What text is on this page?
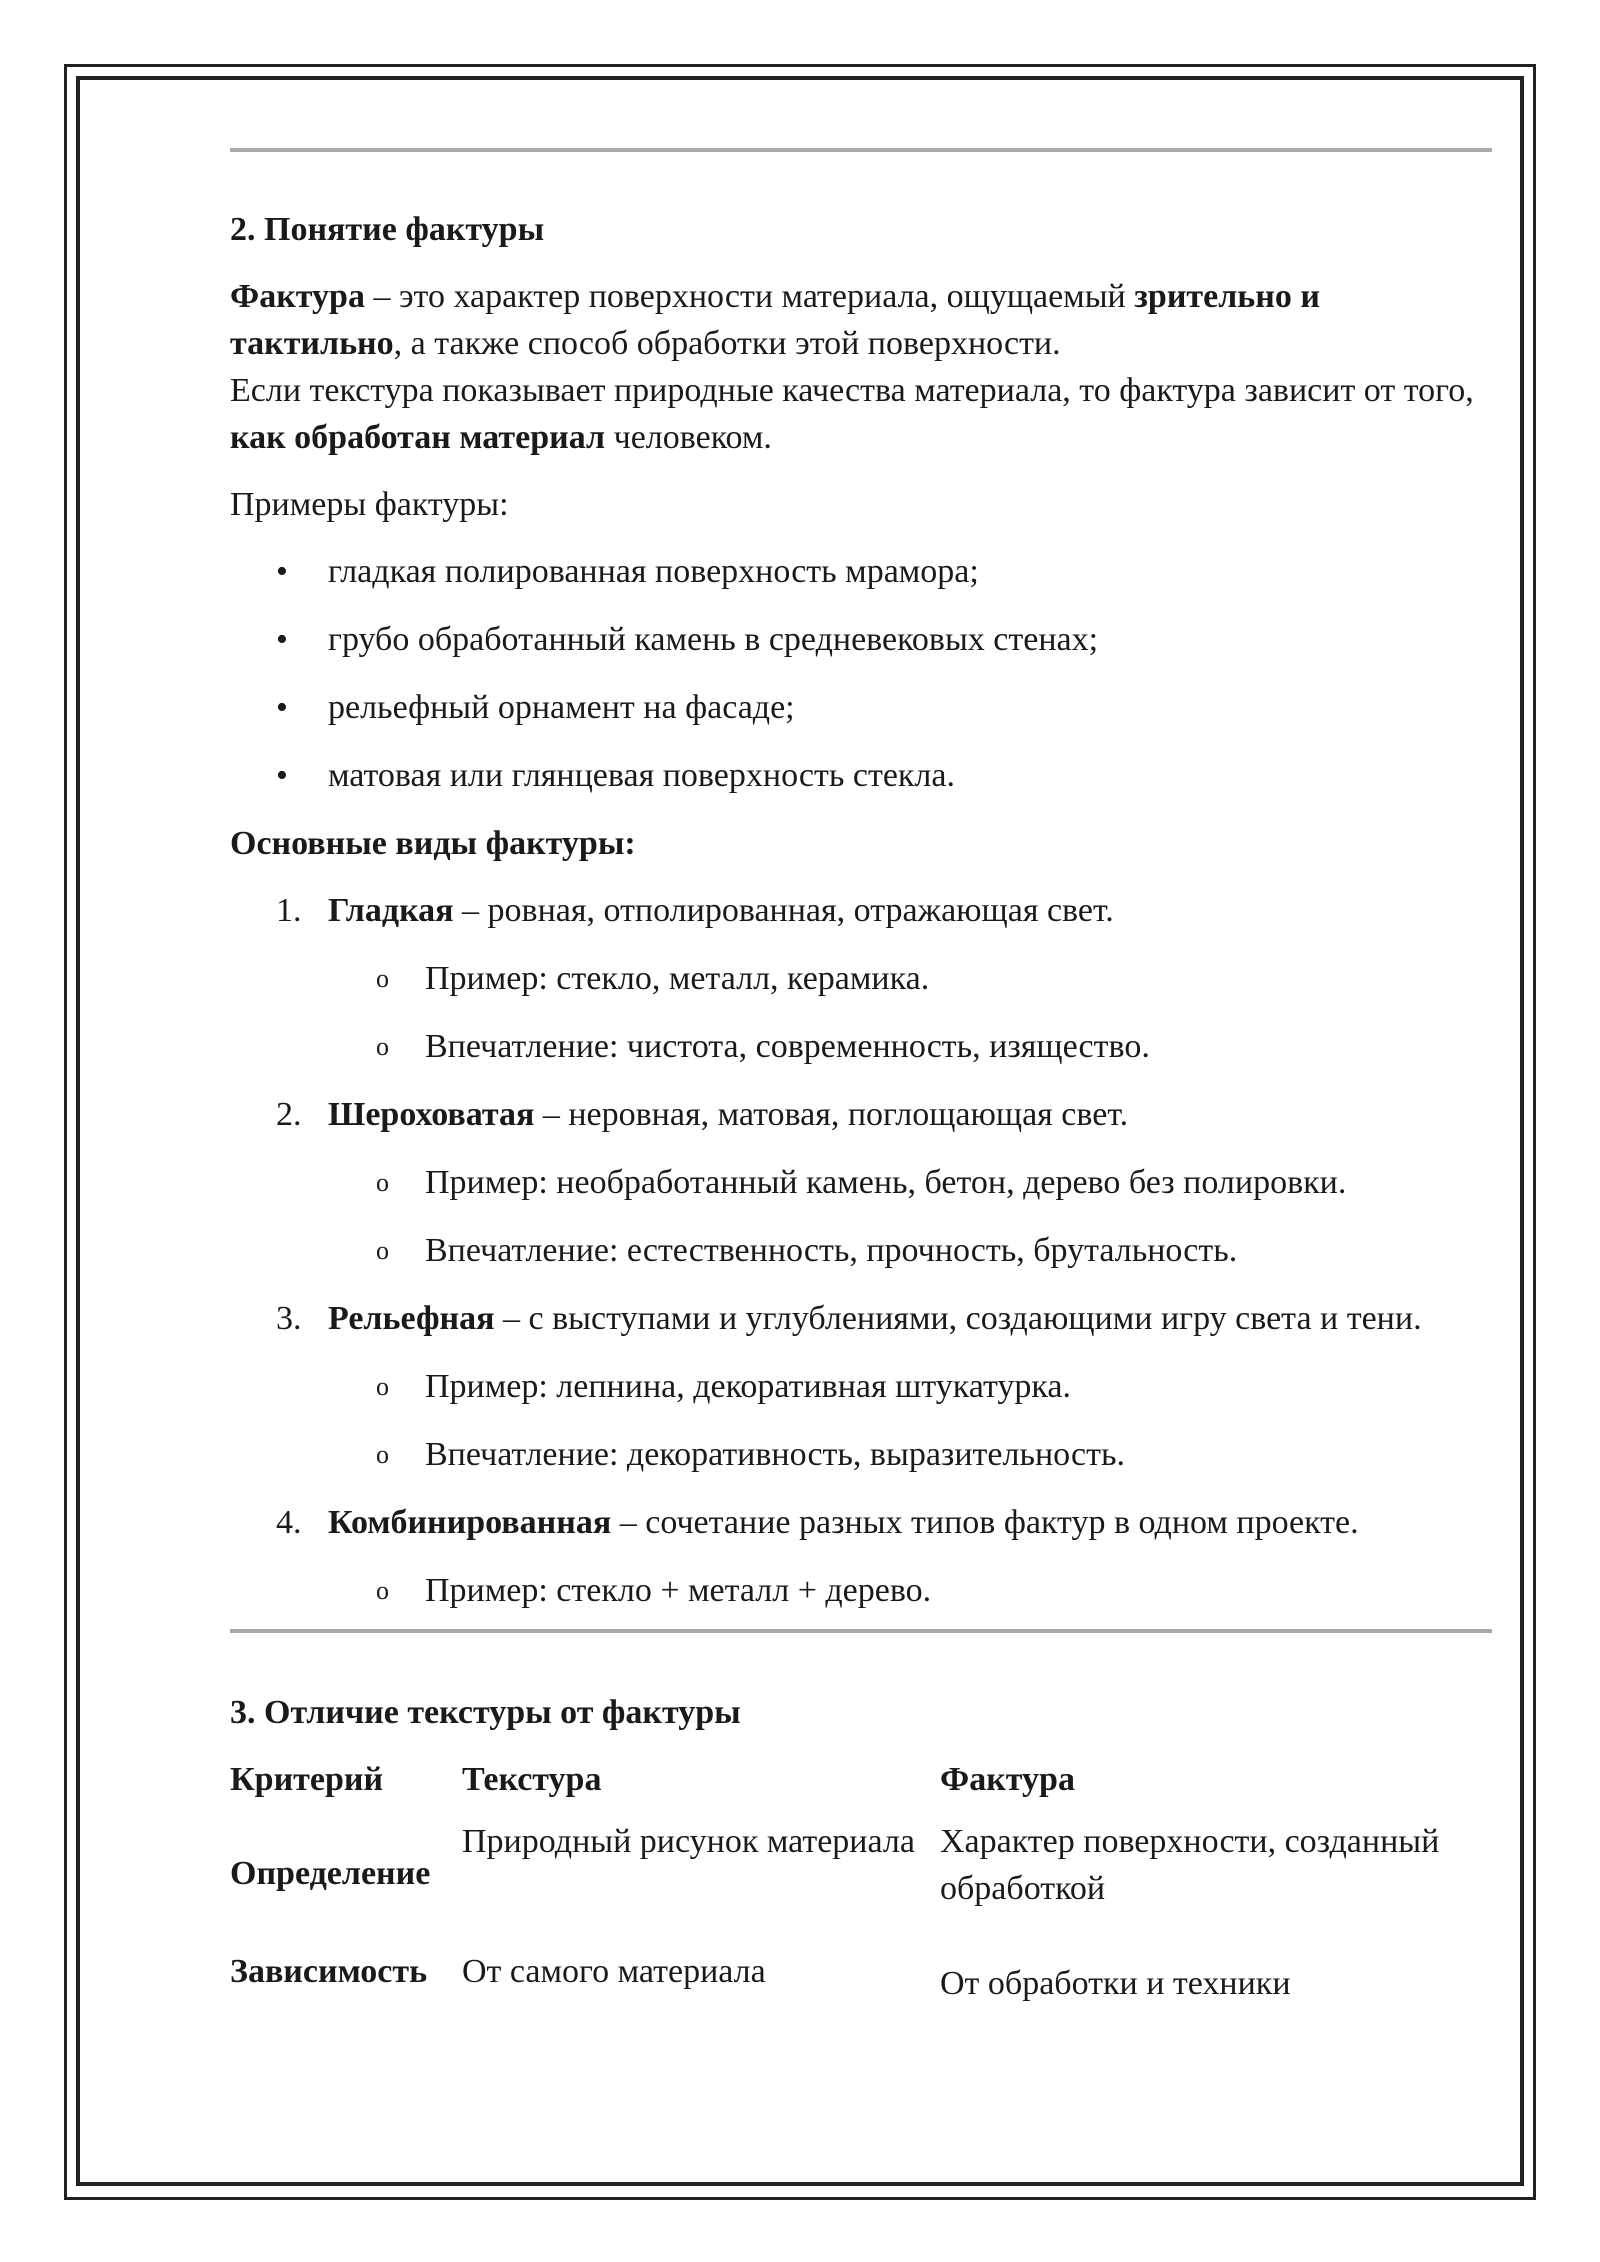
2. Понятие фактуры

Фактура – это характер поверхности материала, ощущаемый зрительно и тактильно, а также способ обработки этой поверхности.
Если текстура показывает природные качества материала, то фактура зависит от того, как обработан материал человеком.

Примеры фактуры:

• гладкая полированная поверхность мрамора;
• грубо обработанный камень в средневековых стенах;
• рельефный орнамент на фасаде;
• матовая или глянцевая поверхность стекла.

Основные виды фактуры:

1. Гладкая – ровная, отполированная, отражающая свет.
o Пример: стекло, металл, керамика.
o Впечатление: чистота, современность, изящество.
2. Шероховатая – неровная, матовая, поглощающая свет.
o Пример: необработанный камень, бетон, дерево без полировки.
o Впечатление: естественность, прочность, брутальность.
3. Рельефная – с выступами и углублениями, создающими игру света и тени.
o Пример: лепнина, декоративная штукатурка.
o Впечатление: декоративность, выразительность.
4. Комбинированная – сочетание разных типов фактур в одном проекте.
o Пример: стекло + металл + дерево.
3. Отличие текстуры от фактуры
Критерий	Текстура	Фактура
Определение	Природный рисунок материала	Характер поверхности, созданный обработкой
Зависимость	От самого материала	От обработки и техники
